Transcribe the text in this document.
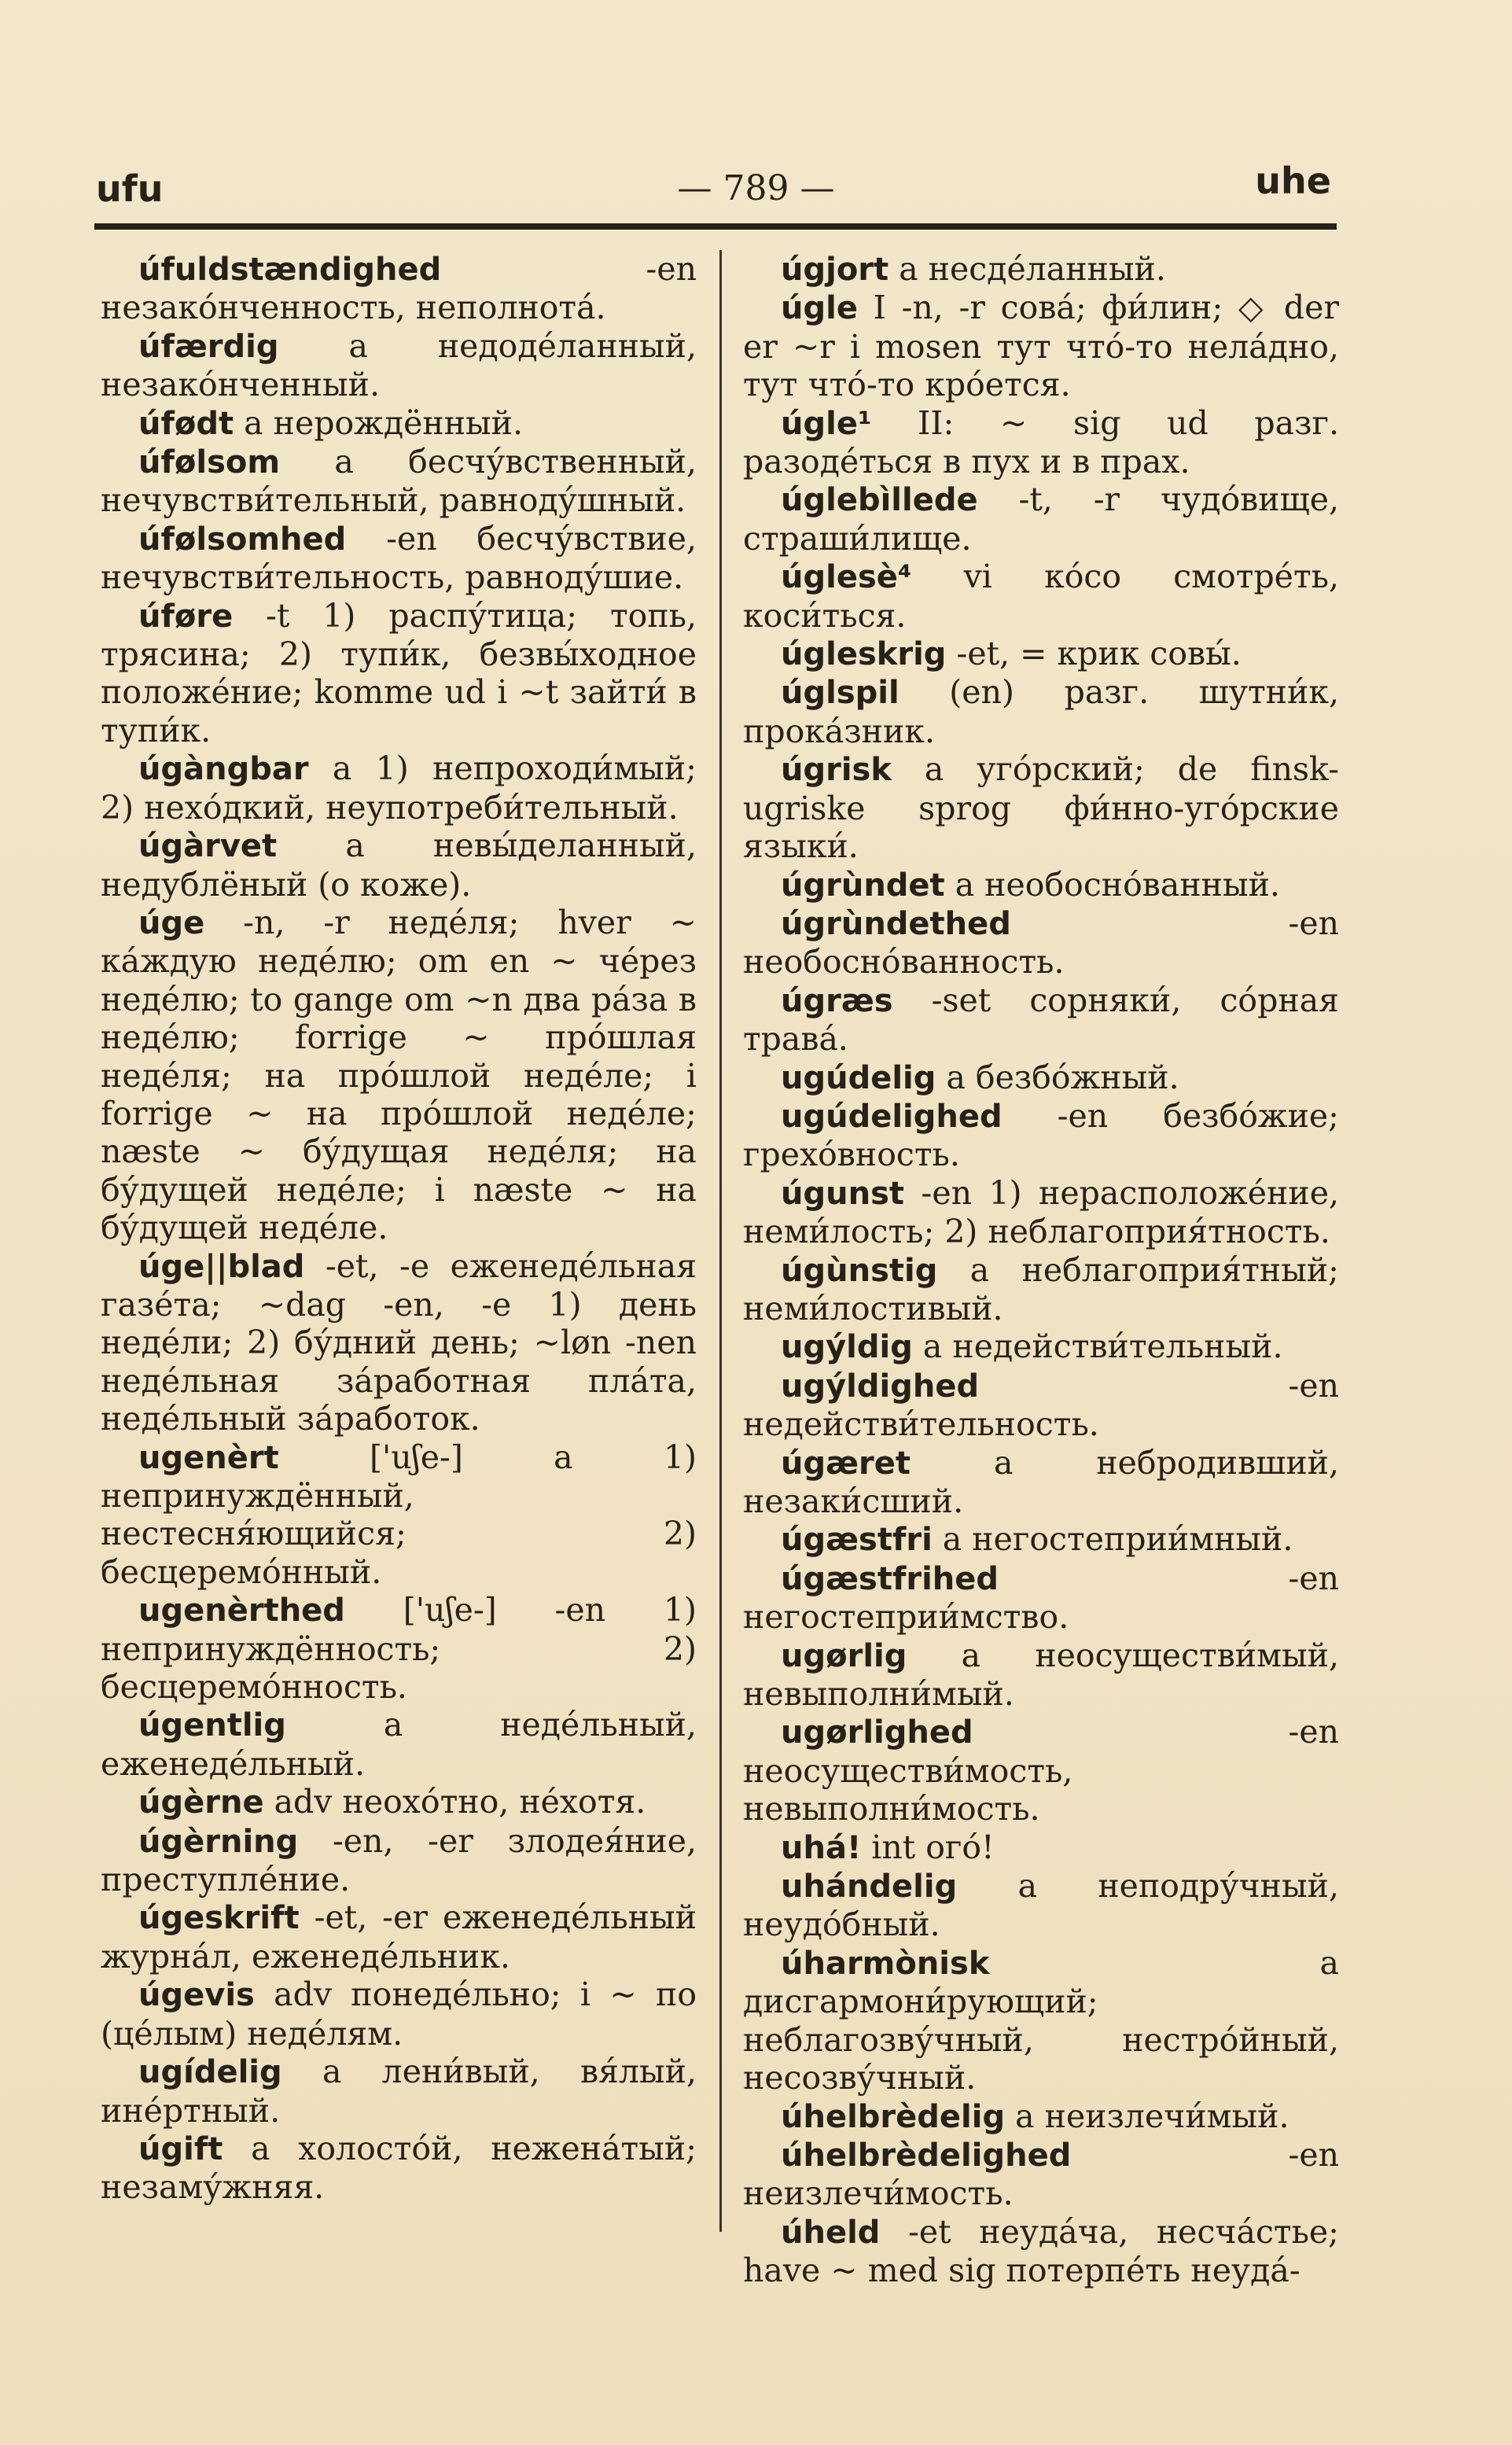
— 789 —
ufu	uhe

úfuldstændighed -en незако́нченность, неполнота́.

úfærdig a недоде́ланный, незако́нченный.

úfødt a нерождённый.

úfølsom a бесчу́вственный, нечувстви́тельный, равноду́шный.

úfølsomhed -en бесчу́вствие, нечувстви́тельность, равноду́шие.

úføre -t 1) распу́тица; топь, трясина; 2) тупи́к, безвы́ходное положе́ние; komme ud i ~t зайти́ в тупи́к.

úgàngbar a 1) непроходи́мый; 2) нехо́дкий, неупотреби́тельный.

úgàrvet a невы́деланный, недублёный (о коже).

úge -n, -r неде́ля; hver ~ ка́ждую неде́лю; om en ~ че́рез неде́лю; to gange om ~n два ра́за в неде́лю; forrige ~ про́шлая неде́ля; на про́шлой неде́ле; i forrige ~ на про́шлой неде́ле; næste ~ бу́дущая неде́ля; на бу́дущей неде́ле; i næste ~ на бу́дущей неде́ле.

úge||blad -et, -e еженеде́льная газе́та; ~dag -en, -e 1) день неде́ли; 2) бу́дний день; ~løn -nen неде́льная за́работная пла́та, неде́льный за́работок.

ugenèrt ['uʃe-] a 1) непринуждённый, нестесня́ющийся; 2) бесцеремо́нный.

ugenèrthed ['uʃe-] -en 1) непринуждённость; 2) бесцеремо́нность.

úgentlig a неде́льный, еженеде́льный.

úgèrne adv неохо́тно, не́хотя.

úgèrning -en, -er злодея́ние, преступле́ние.

úgeskrift -et, -er еженеде́льный журна́л, еженеде́льник.

úgevis adv понеде́льно; i ~ по (це́лым) неде́лям.

ugídelig a лени́вый, вя́лый, ине́ртный.

úgift a холосто́й, нежена́тый; незаму́жняя.

úgjort a несде́ланный.

úgle I -n, -r сова́; фи́лин; ◇ der er ~r i mosen тут что́-то нела́дно, тут что́-то кро́ется.

úgle¹ II: ~ sig ud разг. разоде́ться в пух и в прах.

úglebìllede -t, -r чудо́вище, страши́лище.

úglesè⁴ vi ко́со смотре́ть, коси́ться.

úgleskrig -et, = крик совы́.

úglspil (en) разг. шутни́к, прока́зник.

úgrisk a уго́рский; de finsk-ugriske sprog фи́нно-уго́рские языки́.

úgrùndet a необосно́ванный.

úgrùndethed -en необосно́ванность.

úgræs -set сорняки́, со́рная трава́.

ugúdelig a безбо́жный.

ugúdelighed -en безбо́жие; грехо́вность.

úgunst -en 1) нерасположе́ние, неми́лость; 2) неблагоприя́тность.

úgùnstig a неблагоприя́тный; неми́лостивый.

ugýldig a недействи́тельный.

ugýldighed -en недействи́тельность.

úgæret a небродивший, незаки́сший.

úgæstfri a негостеприи́мный.

úgæstfrihed -en негостеприи́мство.

ugørlig a неосуществи́мый, невыполни́мый.

ugørlighed -en неосуществи́мость, невыполни́мость.

uhá! int ого́!

uhándelig a неподру́чный, неудо́бный.

úharmònisk a дисгармони́рующий; неблагозву́чный, нестро́йный, несозву́чный.

úhelbrèdelig a неизлечи́мый.

úhelbrèdelighed -en неизлечи́мость.

úheld -et неуда́ча, несча́стье; have ~ med sig потерпе́ть неуда́-
